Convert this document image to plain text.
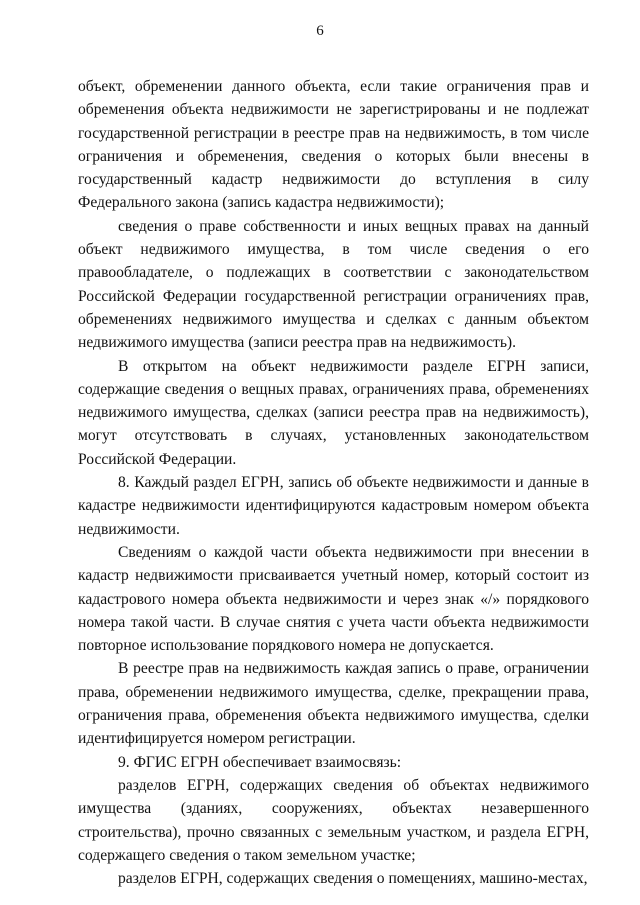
6

объект, обременении данного объекта, если такие ограничения прав и обременения объекта недвижимости не зарегистрированы и не подлежат государственной регистрации в реестре прав на недвижимость, в том числе ограничения и обременения, сведения о которых были внесены в государственный кадастр недвижимости до вступления в силу Федерального закона (запись кадастра недвижимости);

сведения о праве собственности и иных вещных правах на данный объект недвижимого имущества, в том числе сведения о его правообладателе, о подлежащих в соответствии с законодательством Российской Федерации государственной регистрации ограничениях прав, обременениях недвижимого имущества и сделках с данным объектом недвижимого имущества (записи реестра прав на недвижимость).

В открытом на объект недвижимости разделе ЕГРН записи, содержащие сведения о вещных правах, ограничениях права, обременениях недвижимого имущества, сделках (записи реестра прав на недвижимость), могут отсутствовать в случаях, установленных законодательством Российской Федерации.

8. Каждый раздел ЕГРН, запись об объекте недвижимости и данные в кадастре недвижимости идентифицируются кадастровым номером объекта недвижимости.

Сведениям о каждой части объекта недвижимости при внесении в кадастр недвижимости присваивается учетный номер, который состоит из кадастрового номера объекта недвижимости и через знак «/» порядкового номера такой части. В случае снятия с учета части объекта недвижимости повторное использование порядкового номера не допускается.

В реестре прав на недвижимость каждая запись о праве, ограничении права, обременении недвижимого имущества, сделке, прекращении права, ограничения права, обременения объекта недвижимого имущества, сделки идентифицируется номером регистрации.

9. ФГИС ЕГРН обеспечивает взаимосвязь:

разделов ЕГРН, содержащих сведения об объектах недвижимого имущества (зданиях, сооружениях, объектах незавершенного строительства), прочно связанных с земельным участком, и раздела ЕГРН, содержащего сведения о таком земельном участке;

разделов ЕГРН, содержащих сведения о помещениях, машино-местах,
